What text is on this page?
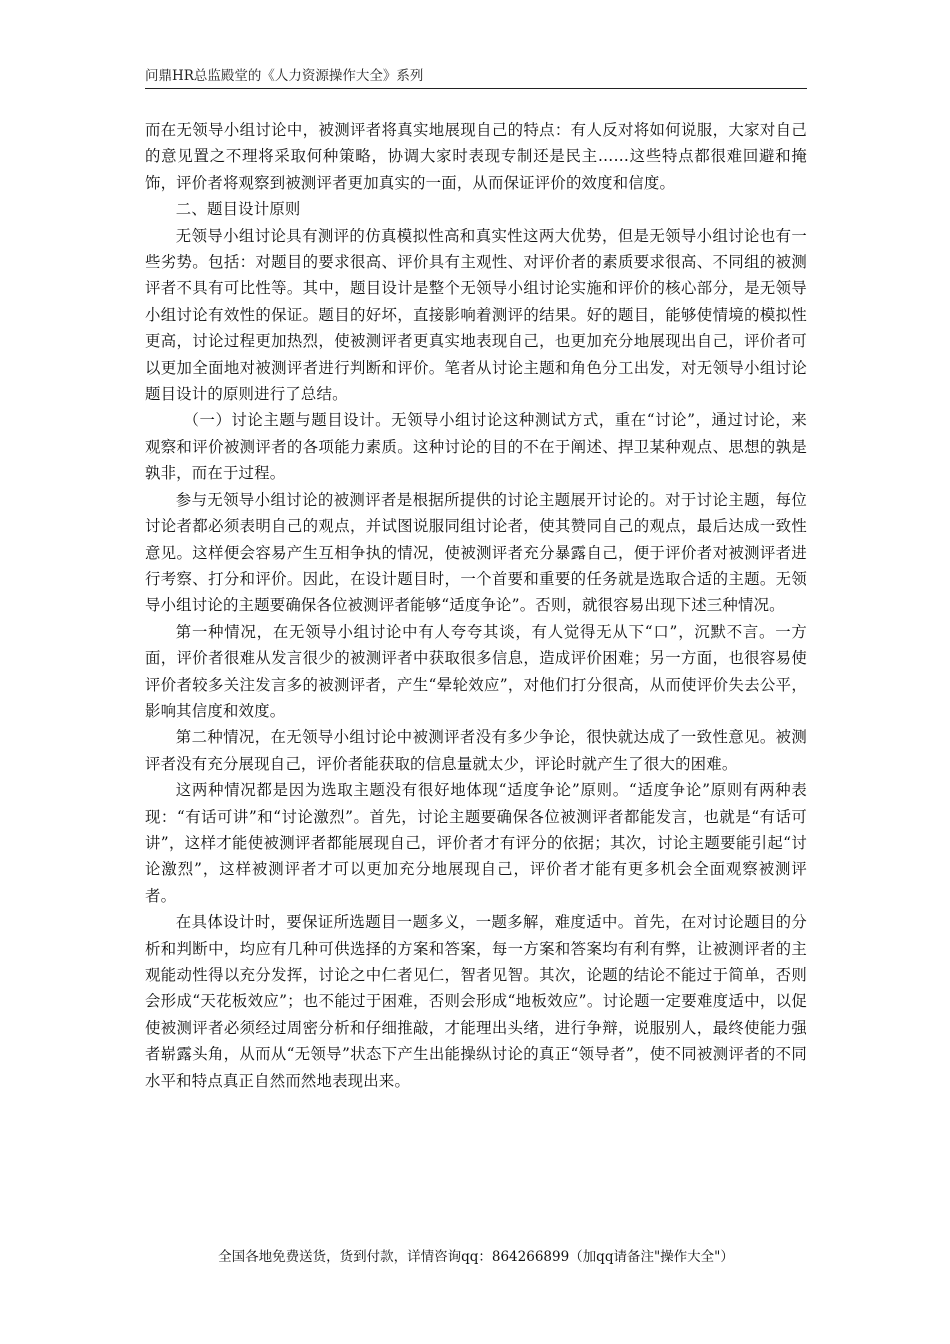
问鼎HR总监殿堂的《人力资源操作大全》系列

而在无领导小组讨论中，被测评者将真实地展现自己的特点：有人反对将如何说服，大家对自己的意见置之不理将采取何种策略，协调大家时表现专制还是民主……这些特点都很难回避和掩饰，评价者将观察到被测评者更加真实的一面，从而保证评价的效度和信度。

二、题目设计原则

无领导小组讨论具有测评的仿真模拟性高和真实性这两大优势，但是无领导小组讨论也有一些劣势。包括：对题目的要求很高、评价具有主观性、对评价者的素质要求很高、不同组的被测评者不具有可比性等。其中，题目设计是整个无领导小组讨论实施和评价的核心部分，是无领导小组讨论有效性的保证。题目的好坏，直接影响着测评的结果。好的题目，能够使情境的模拟性更高，讨论过程更加热烈，使被测评者更真实地表现自己，也更加充分地展现出自己，评价者可以更加全面地对被测评者进行判断和评价。笔者从讨论主题和角色分工出发，对无领导小组讨论题目设计的原则进行了总结。

（一）讨论主题与题目设计。无领导小组讨论这种测试方式，重在“讨论”，通过讨论，来观察和评价被测评者的各项能力素质。这种讨论的目的不在于阐述、捍卫某种观点、思想的孰是孰非，而在于过程。

参与无领导小组讨论的被测评者是根据所提供的讨论主题展开讨论的。对于讨论主题，每位讨论者都必须表明自己的观点，并试图说服同组讨论者，使其赞同自己的观点，最后达成一致性意见。这样便会容易产生互相争执的情况，使被测评者充分暴露自己，便于评价者对被测评者进行考察、打分和评价。因此，在设计题目时，一个首要和重要的任务就是选取合适的主题。无领导小组讨论的主题要确保各位被测评者能够“适度争论”。否则，就很容易出现下述三种情况。

第一种情况，在无领导小组讨论中有人夸夸其谈，有人觉得无从下“口”，沉默不言。一方面，评价者很难从发言很少的被测评者中获取很多信息，造成评价困难；另一方面，也很容易使评价者较多关注发言多的被测评者，产生“晕轮效应”，对他们打分很高，从而使评价失去公平，影响其信度和效度。

第二种情况，在无领导小组讨论中被测评者没有多少争论，很快就达成了一致性意见。被测评者没有充分展现自己，评价者能获取的信息量就太少，评论时就产生了很大的困难。

这两种情况都是因为选取主题没有很好地体现“适度争论”原则。“适度争论”原则有两种表现：“有话可讲”和“讨论激烈”。首先，讨论主题要确保各位被测评者都能发言，也就是“有话可讲”，这样才能使被测评者都能展现自己，评价者才有评分的依据；其次，讨论主题要能引起“讨论激烈”，这样被测评者才可以更加充分地展现自己，评价者才能有更多机会全面观察被测评者。

在具体设计时，要保证所选题目一题多义，一题多解，难度适中。首先，在对讨论题目的分析和判断中，均应有几种可供选择的方案和答案，每一方案和答案均有利有弊，让被测评者的主观能动性得以充分发挥，讨论之中仁者见仁，智者见智。其次，论题的结论不能过于简单，否则会形成“天花板效应”；也不能过于困难，否则会形成“地板效应”。讨论题一定要难度适中，以促使被测评者必须经过周密分析和仔细推敲，才能理出头绪，进行争辩，说服别人，最终使能力强者崭露头角，从而从“无领导”状态下产生出能操纵讨论的真正“领导者”，使不同被测评者的不同水平和特点真正自然而然地表现出来。

全国各地免费送货，货到付款，详情咨询qq：864266899（加qq请备注"操作大全"）
